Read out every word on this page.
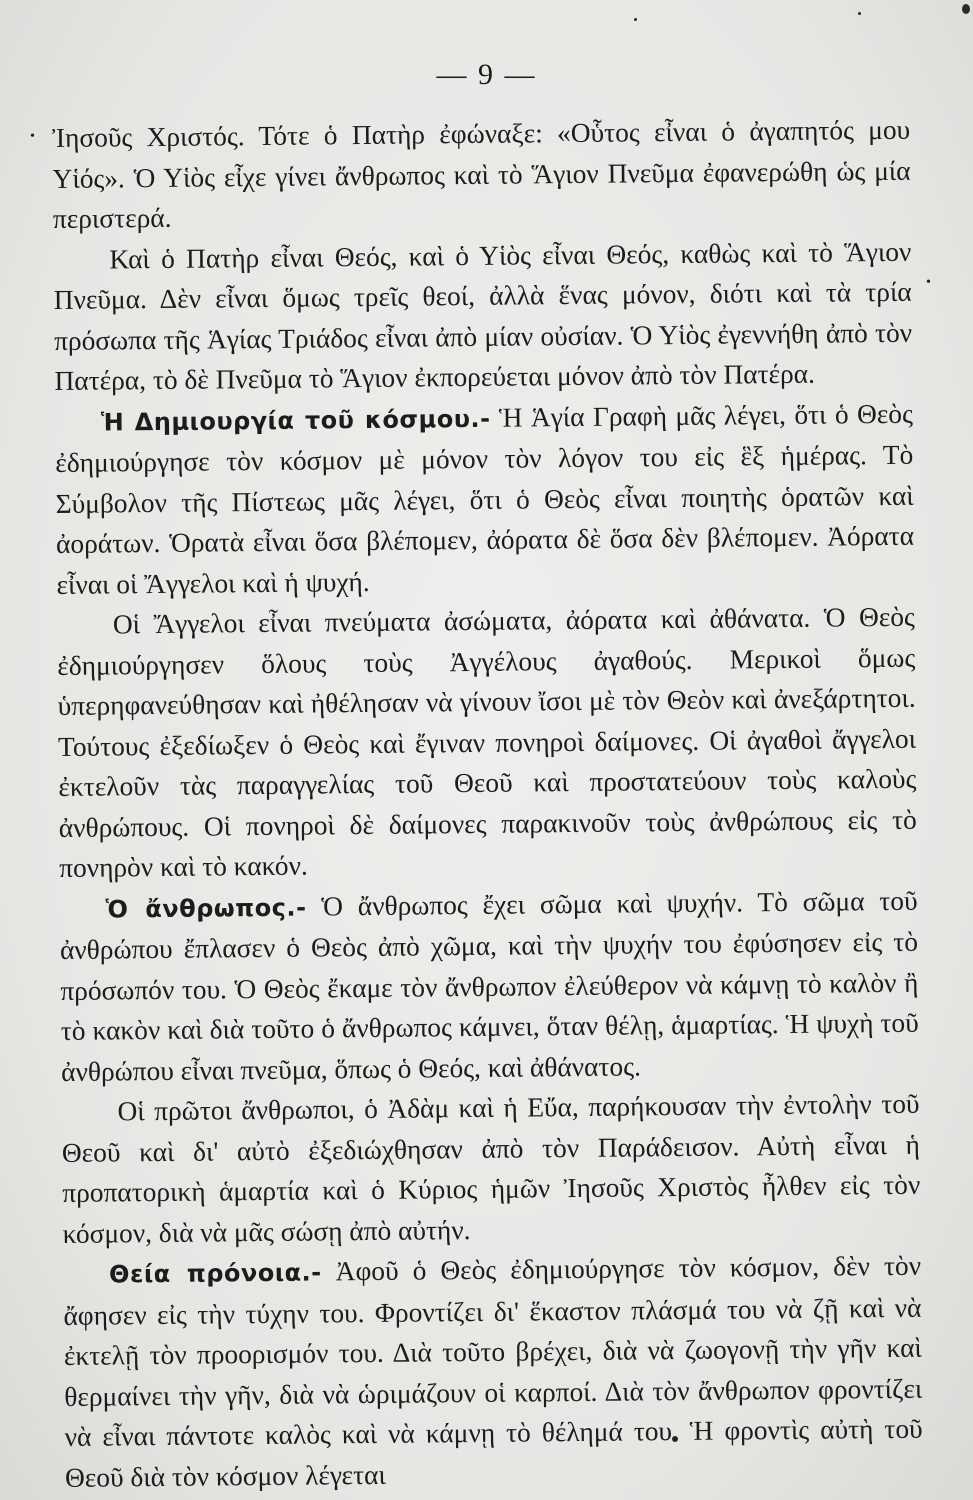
— 9 —
•
•

Ἰησοῦς Χριστός. Τότε ὁ Πατὴρ ἐφώναξε: «Οὗτος εἶναι ὁ ἀγαπητός μου Υἱός». Ὁ Υἱὸς εἶχε γίνει ἄνθρωπος καὶ τὸ Ἅγιον Πνεῦμα ἐφανερώθη ὡς μία περιστερά.

Καὶ ὁ Πατὴρ εἶναι Θεός, καὶ ὁ Υἱὸς εἶναι Θεός, καθὼς καὶ τὸ Ἅγιον Πνεῦμα. Δὲν εἶναι ὅμως τρεῖς θεοί, ἀλλὰ ἕνας μόνον, διότι καὶ τὰ τρία πρόσωπα τῆς Ἁγίας Τριάδος εἶναι ἀπὸ μίαν οὐσίαν. Ὁ Υἱὸς ἐγεννήθη ἀπὸ τὸν Πατέρα, τὸ δὲ Πνεῦμα τὸ Ἅγιον ἐκπορεύεται μόνον ἀπὸ τὸν Πατέρα.

Ἡ Δημιουργία τοῦ κόσμου.- Ἡ Ἁγία Γραφὴ μᾶς λέγει, ὅτι ὁ Θεὸς ἐδημιούργησε τὸν κόσμον μὲ μόνον τὸν λόγον του εἰς ἓξ ἡμέρας. Τὸ Σύμβολον τῆς Πίστεως μᾶς λέγει, ὅτι ὁ Θεὸς εἶναι ποιητὴς ὁρατῶν καὶ ἀοράτων. Ὁρατὰ εἶναι ὅσα βλέπομεν, ἀόρατα δὲ ὅσα δὲν βλέπομεν. Ἀόρατα εἶναι οἱ Ἄγγελοι καὶ ἡ ψυχή.

Οἱ Ἄγγελοι εἶναι πνεύματα ἀσώματα, ἀόρατα καὶ ἀθάνατα. Ὁ Θεὸς ἐδημιούργησεν ὅλους τοὺς Ἀγγέλους ἀγαθούς. Μερικοὶ ὅμως ὑπερηφανεύθησαν καὶ ἠθέλησαν νὰ γίνουν ἴσοι μὲ τὸν Θεὸν καὶ ἀνεξάρτητοι. Τούτους ἐξεδίωξεν ὁ Θεὸς καὶ ἔγιναν πονηροὶ δαίμονες. Οἱ ἀγαθοὶ ἄγγελοι ἐκτελοῦν τὰς παραγγελίας τοῦ Θεοῦ καὶ προστατεύουν τοὺς καλοὺς ἀνθρώπους. Οἱ πονηροὶ δὲ δαίμονες παρακινοῦν τοὺς ἀνθρώπους εἰς τὸ πονηρὸν καὶ τὸ κακόν.

Ὁ ἄνθρωπος.- Ὁ ἄνθρωπος ἔχει σῶμα καὶ ψυχήν. Τὸ σῶμα τοῦ ἀνθρώπου ἔπλασεν ὁ Θεὸς ἀπὸ χῶμα, καὶ τὴν ψυχήν του ἐφύσησεν εἰς τὸ πρόσωπόν του. Ὁ Θεὸς ἔκαμε τὸν ἄνθρωπον ἐλεύθερον νὰ κάμνῃ τὸ καλὸν ἢ τὸ κακὸν καὶ διὰ τοῦτο ὁ ἄνθρωπος κάμνει, ὅταν θέλῃ, ἁμαρτίας. Ἡ ψυχὴ τοῦ ἀνθρώπου εἶναι πνεῦμα, ὅπως ὁ Θεός, καὶ ἀθάνατος.

Οἱ πρῶτοι ἄνθρωποι, ὁ Ἀδὰμ καὶ ἡ Εὔα, παρήκουσαν τὴν ἐντολὴν τοῦ Θεοῦ καὶ δι' αὐτὸ ἐξεδιώχθησαν ἀπὸ τὸν Παράδεισον. Αὐτὴ εἶναι ἡ προπατορικὴ ἁμαρτία καὶ ὁ Κύριος ἡμῶν Ἰησοῦς Χριστὸς ἦλθεν εἰς τὸν κόσμον, διὰ νὰ μᾶς σώσῃ ἀπὸ αὐτήν.

Θεία πρόνοια.- Ἀφοῦ ὁ Θεὸς ἐδημιούργησε τὸν κόσμον, δὲν τὸν ἄφησεν εἰς τὴν τύχην του. Φροντίζει δι' ἕκαστον πλάσμά του νὰ ζῇ καὶ νὰ ἐκτελῇ τὸν προορισμόν του. Διὰ τοῦτο βρέχει, διὰ νὰ ζωογονῇ τὴν γῆν καὶ θερμαίνει τὴν γῆν, διὰ νὰ ὡριμάζουν οἱ καρποί. Διὰ τὸν ἄνθρωπον φροντίζει νὰ εἶναι πάντοτε καλὸς καὶ νὰ κάμνῃ τὸ θέλημά του. Ἡ φροντὶς αὐτὴ τοῦ Θεοῦ διὰ τὸν κόσμον λέγεται
